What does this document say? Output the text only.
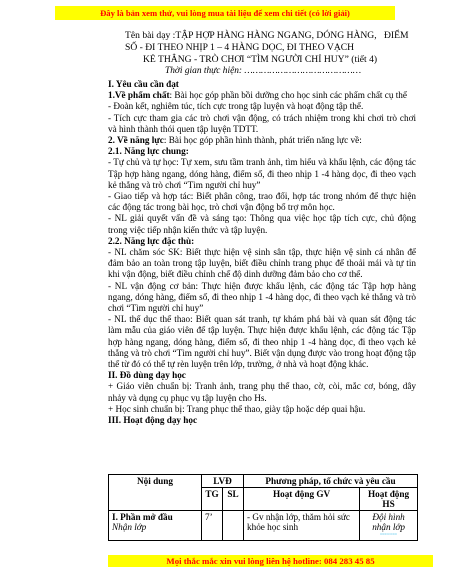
Đây là bản xem thử, vui lòng mua tài liệu để xem chi tiết (có lời giải)
Tên bài dạy :TẬP HỢP HÀNG HÀNG NGANG, DÓNG HÀNG, ĐIỂM
SỐ - ĐI THEO NHỊP 1 – 4 HÀNG DỌC, ĐI THEO VẠCH
KẺ THẲNG - TRÒ CHƠI “TÌM NGƯỜI CHỈ HUY” (tiết 4)
Thời gian thực hiện: ……………………………………

I. Yêu cầu cần đạt

1.Về phẩm chất: Bài học góp phần bồi dưỡng cho học sinh các phẩm chất cụ thể

- Đoàn kết, nghiêm túc, tích cực trong tập luyện và hoạt động tập thể.

- Tích cực tham gia các trò chơi vận động, có trách nhiệm trong khi chơi trò chơi và hình thành thói quen tập luyện TDTT.

2. Về năng lực: Bài học góp phần hình thành, phát triển năng lực về:

2.1. Năng lực chung:

- Tự chủ và tự học: Tự xem, sưu tầm tranh ảnh, tìm hiểu và khẩu lệnh, các động tác Tập hợp hàng ngang, dóng hàng, điểm số, đi theo nhịp 1 -4 hàng dọc, đi theo vạch kẻ thẳng và trò chơi “Tìm người chỉ huy”

- Giao tiếp và hợp tác: Biết phân công, trao đổi, hợp tác trong nhóm để thực hiện các động tác trong bài học, trò chơi vận động bổ trợ môn học.

- NL giải quyết vấn đề và sáng tạo: Thông qua việc học tập tích cực, chủ động trong việc tiếp nhận kiến thức và tập luyện.

2.2. Năng lực đặc thù:

- NL chăm sóc SK: Biết thực hiện vệ sinh sân tập, thực hiện vệ sinh cá nhân để đảm bảo an toàn trong tập luyện, biết điều chỉnh trang phục để thoải mái và tự tin khi vận động, biết điều chỉnh chế độ dinh dưỡng đảm bảo cho cơ thể.

- NL vận động cơ bản: Thực hiện được khẩu lệnh, các động tác Tập hợp hàng ngang, dóng hàng, điểm số, đi theo nhịp 1 -4 hàng dọc, đi theo vạch kẻ thẳng và trò chơi “Tìm người chỉ huy”

- NL thể dục thể thao: Biết quan sát tranh, tự khám phá bài và quan sát động tác làm mẫu của giáo viên để tập luyện. Thực hiện được khẩu lệnh, các động tác Tập hợp hàng ngang, dóng hàng, điểm số, đi theo nhịp 1 -4 hàng dọc, đi theo vạch kẻ thẳng và trò chơi “Tìm người chỉ huy”. Biết vận dụng được vào trong hoạt động tập thể từ đó có thể tự rèn luyện trên lớp, trường, ở nhà và hoạt động khác.

II. Đồ dùng dạy học

+ Giáo viên chuẩn bị: Tranh ảnh, trang phụ thể thao, cờ, còi, mắc cơ, bóng, dây nhảy và dụng cụ phục vụ tập luyện cho Hs.

+ Học sinh chuẩn bị: Trang phục thể thao, giày tập hoặc dép quai hậu.

III. Hoạt động dạy học

Nội dung	LVĐ		Phương pháp, tổ chức và yêu cầu	
	TG	SL	Hoạt động GV	Hoạt động HS
I. Phần mở đầu
Nhận lớp	7’		- Gv nhận lớp, thăm hỏi sức khỏe học sinh	Đội hình nhận lớp
▫▫▫▫▫▫▫▫
Mọi thắc mắc xin vui lòng liên hệ hotline: 084 283 45 85
